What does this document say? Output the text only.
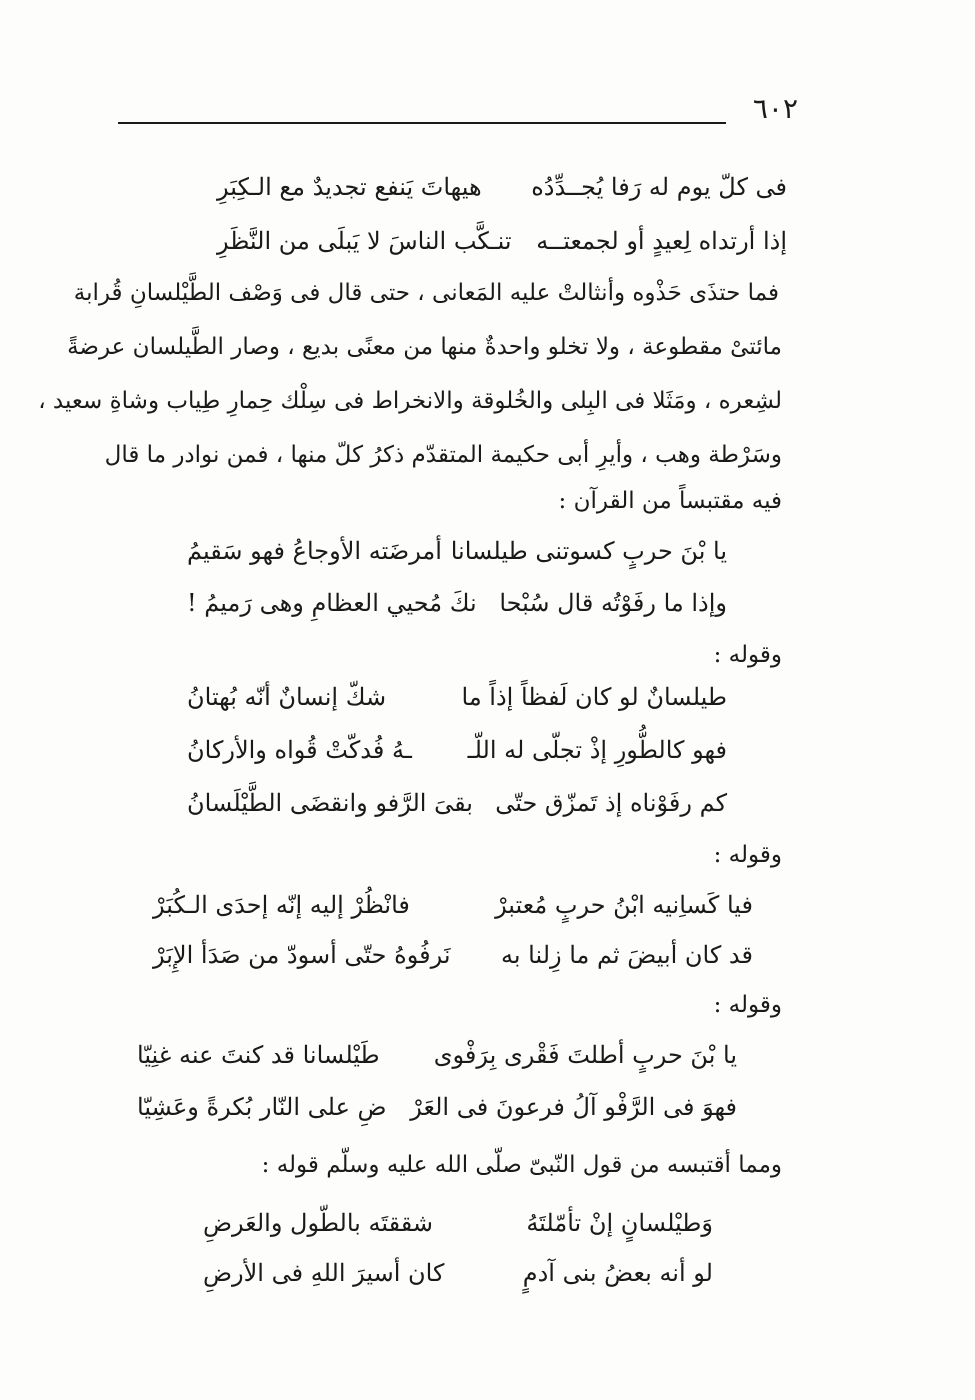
٦٠٢
فى كلّ يوم له رَفا يُجــدِّدُه
هيهاتَ يَنفع تجديدٌ مع الـكِبَرِ
إذا أرتداه لِعيدٍ أو لجمعتــه
تنـكَّب الناسَ لا يَبلَى من النَّظَرِ
فما حتذَى حَذْوه وأنثالتْ عليه المَعانى ، حتى قال فى وَصْف الطَّيْلسانِ قُرابة
مائتىْ مقطوعة ، ولا تخلو واحدةٌ منها من معنًى بديع ، وصار الطَّيلسان عرضةً
لشِعره ، ومَثَلا فى البِلى والخُلوقة والانخراط فى سِلْك حِمارِ طِياب وشاةِ سعيد ،
وسَرْطة وهب ، وأيرِ أبى حكيمة المتقدّم ذكرُ كلّ منها ، فمن نوادر ما قال
فيه مقتبساً من القرآن :
يا بْنَ حربٍ كسوتنى طيلسانا
أمرضَته الأوجاعُ فهو سَقيمُ
وإذا ما رفَوْتُه قال سُبْحا
نكَ مُحيي العظامِ وهى رَميمُ !
وقوله :
طيلسانٌ لو كان لَفظاً إذاً ما
شكّ إنسانٌ أنّه بُهتانُ
فهو كالطُّورِ إذْ تجلّى له اللّـ
ـهُ فُدكّتْ قُواه والأركانُ
كم رفَوْناه إذ تَمزّق حتّى
بقىَ الرَّفو وانقضَى الطَّيْلَسانُ
وقوله :
فيا كَساِنيه ابْنُ حربٍ مُعتبرْ
فانْظُرْ إليه إنّه إحدَى الـكُبَرْ
قد كان أبيضَ ثم ما زِلنا به
نَرفُوهُ حتّى أسودّ من صَدَأ الإِبَرْ
وقوله :
يا بْنَ حربٍ أطلتَ فَقْرى بِرَفْوى
طَيْلسانا قد كنتَ عنه غنِيّا
فهوَ فى الرَّفْو آلُ فرعونَ فى العَرْ
ضِ على النّار بُكرةً وعَشِيّا
ومما أقتبسه من قول النّبىّ صلّى الله عليه وسلّم قوله :
وَطيْلسانٍ إنْ تأمّلتَهُ
شققتَه بالطّول والعَرضِ
لو أنه بعضُ بنى آدمٍ
كان أسيرَ اللهِ فى الأرضِ
